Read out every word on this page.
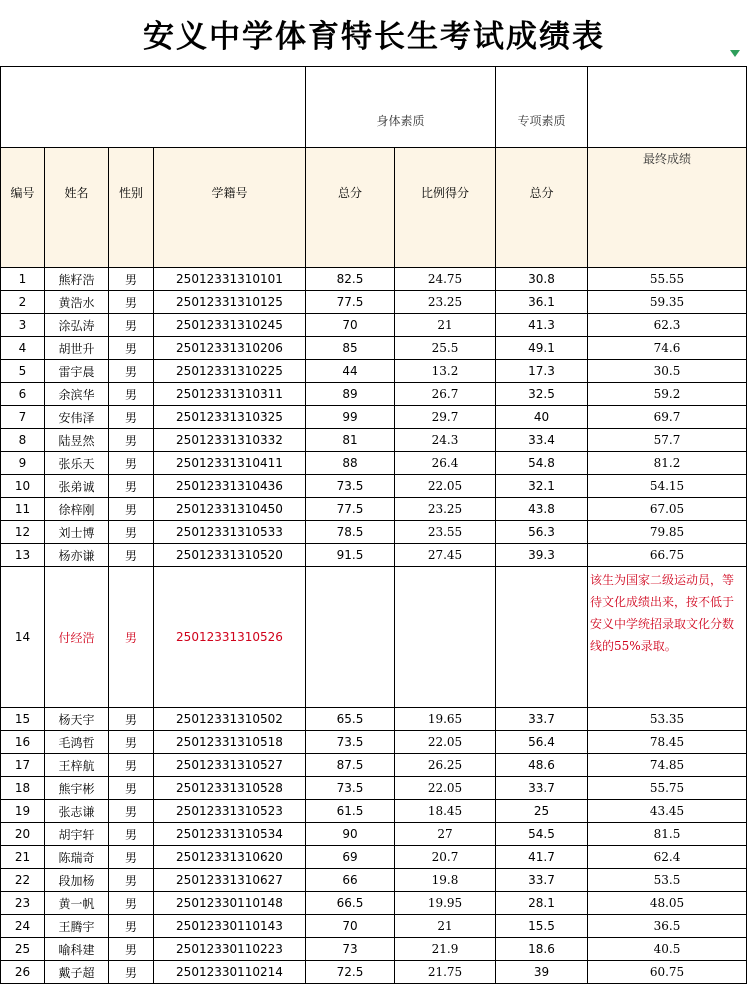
安义中学体育特长生考试成绩表
				身体素质		专项素质	
编号	姓名	性别	学籍号	总分	比例得分	总分	最终成绩
1	熊籽浩	男	25012331310101	82.5	24.75	30.8	55.55
2	黄浩水	男	25012331310125	77.5	23.25	36.1	59.35
3	涂弘涛	男	25012331310245	70	21	41.3	62.3
4	胡世升	男	25012331310206	85	25.5	49.1	74.6
5	雷宇晨	男	25012331310225	44	13.2	17.3	30.5
6	余滨华	男	25012331310311	89	26.7	32.5	59.2
7	安伟泽	男	25012331310325	99	29.7	40	69.7
8	陆昱然	男	25012331310332	81	24.3	33.4	57.7
9	张乐天	男	25012331310411	88	26.4	54.8	81.2
10	张弟诚	男	25012331310436	73.5	22.05	32.1	54.15
11	徐梓刚	男	25012331310450	77.5	23.25	43.8	67.05
12	刘士博	男	25012331310533	78.5	23.55	56.3	79.85
13	杨亦谦	男	25012331310520	91.5	27.45	39.3	66.75
14	付经浩	男	25012331310526				该生为国家二级运动员，等待文化成绩出来，按不低于安义中学统招录取文化分数线的55%录取。
15	杨天宇	男	25012331310502	65.5	19.65	33.7	53.35
16	毛鸿哲	男	25012331310518	73.5	22.05	56.4	78.45
17	王梓航	男	25012331310527	87.5	26.25	48.6	74.85
18	熊宇彬	男	25012331310528	73.5	22.05	33.7	55.75
19	张志谦	男	25012331310523	61.5	18.45	25	43.45
20	胡宇轩	男	25012331310534	90	27	54.5	81.5
21	陈瑞奇	男	25012331310620	69	20.7	41.7	62.4
22	段加杨	男	25012331310627	66	19.8	33.7	53.5
23	黄一帆	男	25012330110148	66.5	19.95	28.1	48.05
24	王腾宇	男	25012330110143	70	21	15.5	36.5
25	喻科建	男	25012330110223	73	21.9	18.6	40.5
26	戴子超	男	25012330110214	72.5	21.75	39	60.75
